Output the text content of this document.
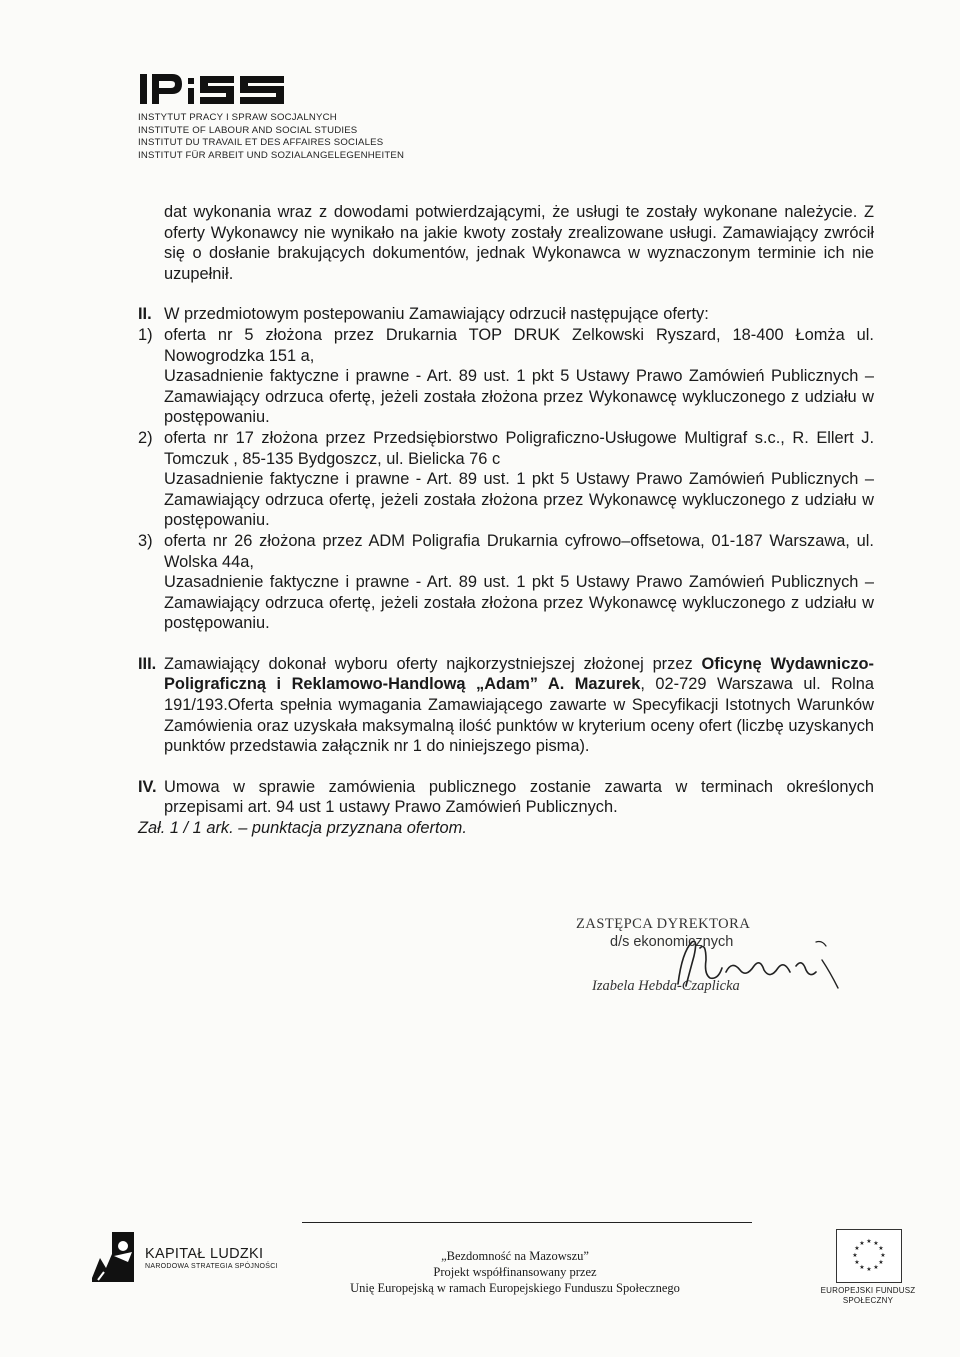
INSTYTUT PRACY I SPRAW SOCJALNYCH
INSTITUTE OF LABOUR AND SOCIAL STUDIES
INSTITUT DU TRAVAIL ET DES AFFAIRES SOCIALES
INSTITUT FÜR ARBEIT UND SOZIALANGELEGENHEITEN

dat wykonania wraz z dowodami potwierdzającymi, że usługi te zostały wykonane należycie. Z oferty Wykonawcy nie wynikało na jakie kwoty zostały zrealizowane usługi. Zamawiający zwrócił się o dosłanie brakujących dokumentów, jednak Wykonawca w wyznaczonym terminie ich nie uzupełnił.

II. W przedmiotowym postepowaniu Zamawiający odrzucił następujące oferty:
1) oferta nr 5 złożona przez Drukarnia TOP DRUK Zelkowski Ryszard, 18-400 Łomża ul. Nowogrodzka 151 a,

Uzasadnienie faktyczne i prawne - Art. 89 ust. 1 pkt 5 Ustawy Prawo Zamówień Publicznych – Zamawiający odrzuca ofertę, jeżeli została złożona przez Wykonawcę wykluczonego z udziału w postępowaniu.

2) oferta nr 17 złożona przez Przedsiębiorstwo Poligraficzno-Usługowe Multigraf s.c., R. Ellert J. Tomczuk , 85-135 Bydgoszcz, ul. Bielicka 76 c

Uzasadnienie faktyczne i prawne - Art. 89 ust. 1 pkt 5 Ustawy Prawo Zamówień Publicznych – Zamawiający odrzuca ofertę, jeżeli została złożona przez Wykonawcę wykluczonego z udziału w postępowaniu.

3) oferta nr 26 złożona przez ADM Poligrafia Drukarnia cyfrowo–offsetowa, 01-187 Warszawa, ul. Wolska 44a,

Uzasadnienie faktyczne i prawne - Art. 89 ust. 1 pkt 5 Ustawy Prawo Zamówień Publicznych – Zamawiający odrzuca ofertę, jeżeli została złożona przez Wykonawcę wykluczonego z udziału w postępowaniu.

III. Zamawiający dokonał wyboru oferty najkorzystniejszej złożonej przez Oficynę Wydawniczo-Poligraficzną i Reklamowo-Handlową „Adam” A. Mazurek, 02-729 Warszawa ul. Rolna 191/193.Oferta spełnia wymagania Zamawiającego zawarte w Specyfikacji Istotnych Warunków Zamówienia oraz uzyskała maksymalną ilość punktów w kryterium oceny ofert (liczbę uzyskanych punktów przedstawia załącznik nr 1 do niniejszego pisma).
IV. Umowa w sprawie zamówienia publicznego zostanie zawarta w terminach określonych przepisami art. 94 ust 1 ustawy Prawo Zamówień Publicznych.

Zał. 1 / 1 ark. – punktacja przyznana ofertom.

ZASTĘPCA DYREKTORA
d/s ekonomicznych
Izabela Hebda-Czaplicka
KAPITAŁ LUDZKI
NARODOWA STRATEGIA SPÓJNOŚCI
„Bezdomność na Mazowszu”
Projekt współfinansowany przez
Unię Europejską w ramach Europejskiego Funduszu Społecznego
★ ★
★
★
★
★
★
★
★
★
★
★
EUROPEJSKI FUNDUSZ
SPOŁECZNY
